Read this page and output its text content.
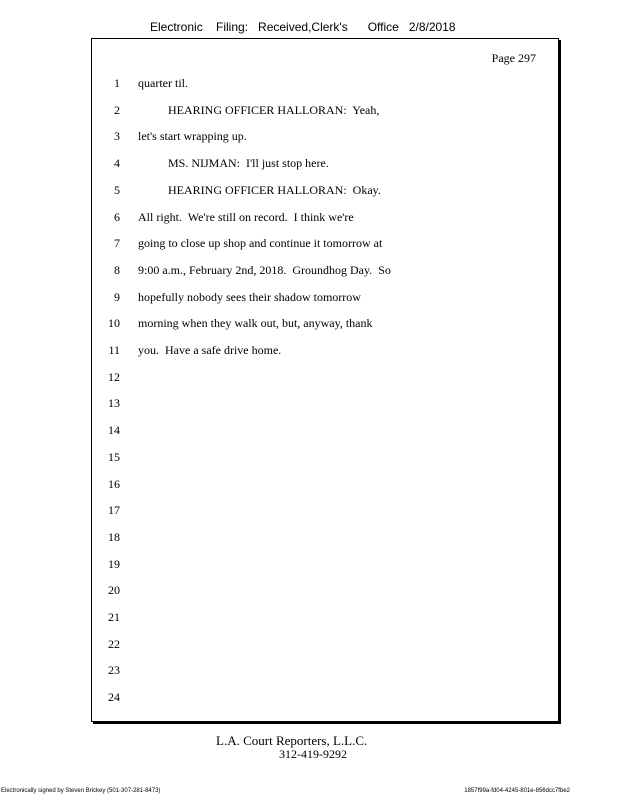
Electronic    Filing:   Received,Clerk's      Office   2/8/2018
Page 297
1 quarter til.
2 HEARING OFFICER HALLORAN:  Yeah,
3 let's start wrapping up.
4 MS. NIJMAN:  I'll just stop here.
5 HEARING OFFICER HALLORAN:  Okay.
6 All right.  We're still on record.  I think we're
7 going to close up shop and continue it tomorrow at
8 9:00 a.m., February 2nd, 2018.  Groundhog Day.  So
9 hopefully nobody sees their shadow tomorrow
10 morning when they walk out, but, anyway, thank
11 you.  Have a safe drive home.
12
13
14
15
16
17
18
19
20
21
22
23
24
L.A. Court Reporters, L.L.C.
312-419-9292
Electronically signed by Steven Brickey (501-307-281-8473)	1857f99a-fd04-4245-801e-856dcc7fbe2
